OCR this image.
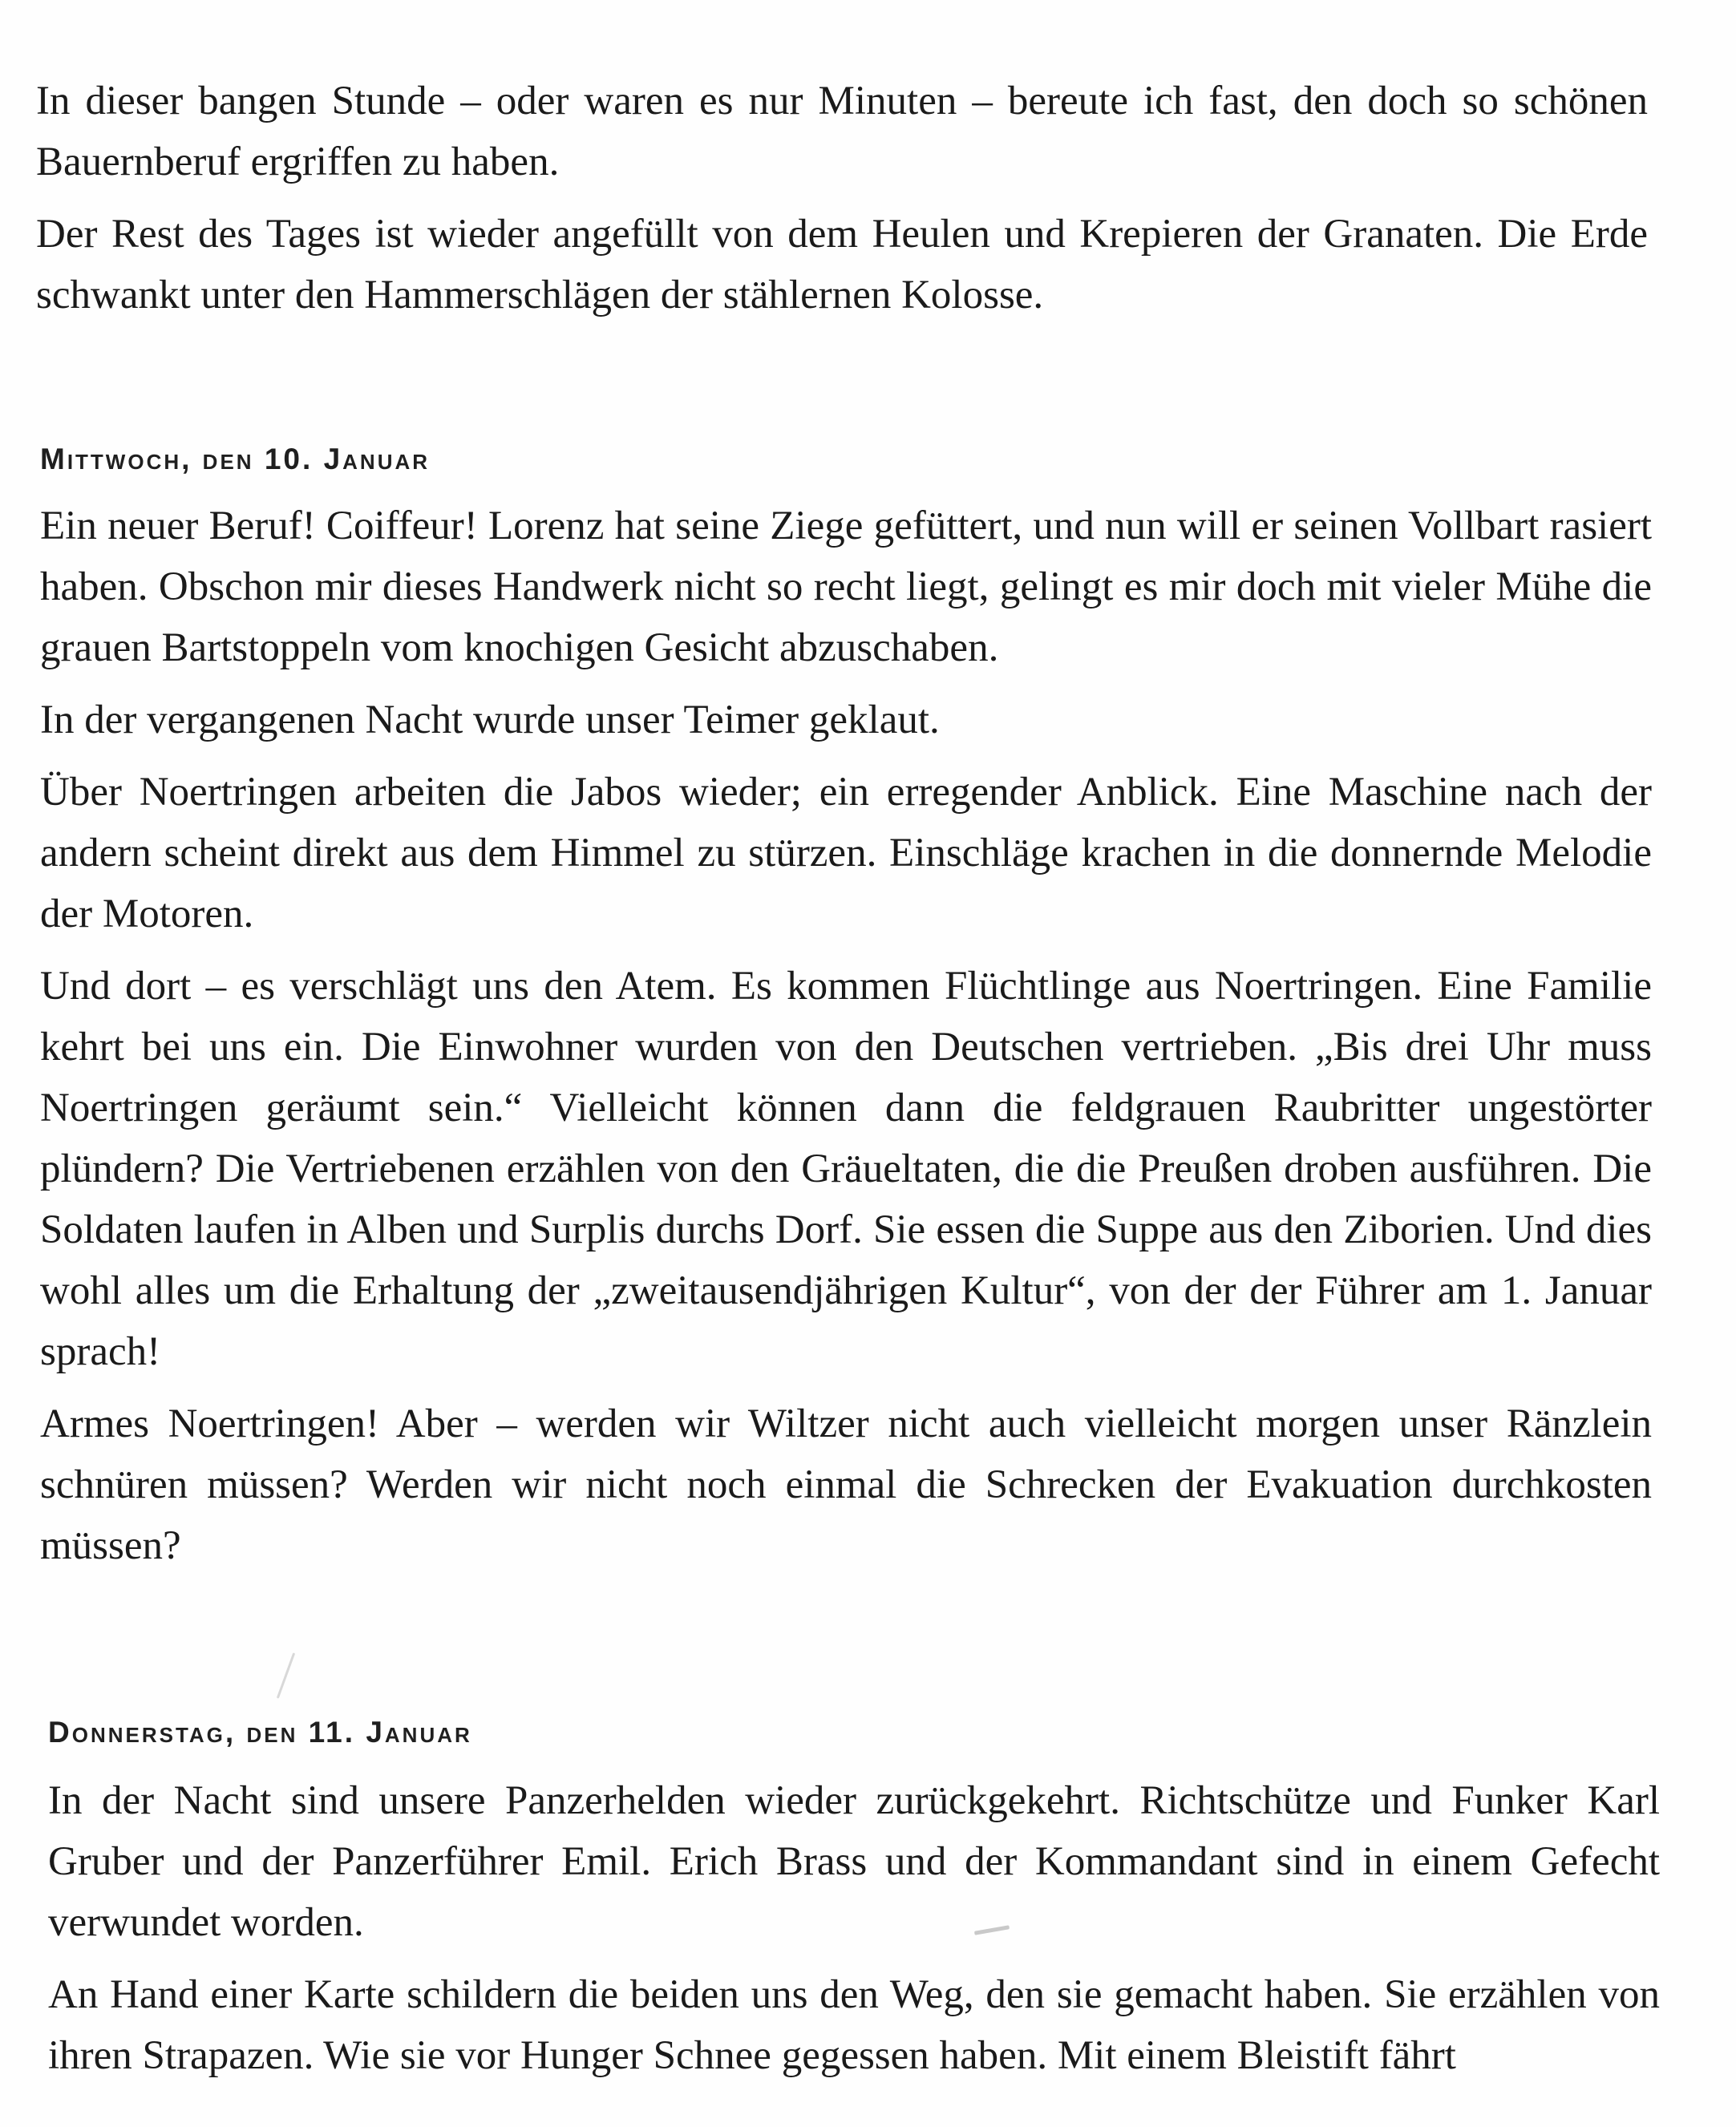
In dieser bangen Stunde – oder waren es nur Minuten – bereute ich fast, den doch so schönen Bauernberuf ergriffen zu haben.

Der Rest des Tages ist wieder angefüllt von dem Heulen und Krepieren der Granaten. Die Erde schwankt unter den Hammerschlägen der stählernen Kolosse.

Mittwoch, den 10. Januar

Ein neuer Beruf! Coiffeur! Lorenz hat seine Ziege gefüttert, und nun will er seinen Vollbart rasiert haben. Obschon mir dieses Handwerk nicht so recht liegt, gelingt es mir doch mit vieler Mühe die grauen Bartstoppeln vom knochigen Gesicht abzuschaben.

In der vergangenen Nacht wurde unser Teimer geklaut.

Über Noertringen arbeiten die Jabos wieder; ein erregender Anblick. Eine Maschine nach der andern scheint direkt aus dem Himmel zu stürzen. Einschläge krachen in die donnernde Melodie der Motoren.

Und dort – es verschlägt uns den Atem. Es kommen Flüchtlinge aus Noertringen. Eine Familie kehrt bei uns ein. Die Einwohner wurden von den Deutschen vertrieben. „Bis drei Uhr muss Noertringen geräumt sein.“ Vielleicht können dann die feldgrauen Raubritter ungestörter plündern? Die Vertriebenen erzählen von den Gräueltaten, die die Preußen droben ausführen. Die Soldaten laufen in Alben und Surplis durchs Dorf. Sie essen die Suppe aus den Ziborien. Und dies wohl alles um die Erhaltung der „zweitausendjährigen Kultur“, von der der Führer am 1. Januar sprach!

Armes Noertringen! Aber – werden wir Wiltzer nicht auch vielleicht morgen unser Ränzlein schnüren müssen? Werden wir nicht noch einmal die Schrecken der Evakuation durchkosten müssen?

Donnerstag, den 11. Januar

In der Nacht sind unsere Panzerhelden wieder zurückgekehrt. Richtschütze und Funker Karl Gruber und der Panzerführer Emil. Erich Brass und der Kommandant sind in einem Gefecht verwundet worden.

An Hand einer Karte schildern die beiden uns den Weg, den sie gemacht haben. Sie erzählen von ihren Strapazen. Wie sie vor Hunger Schnee gegessen haben. Mit einem Bleistift fährt
